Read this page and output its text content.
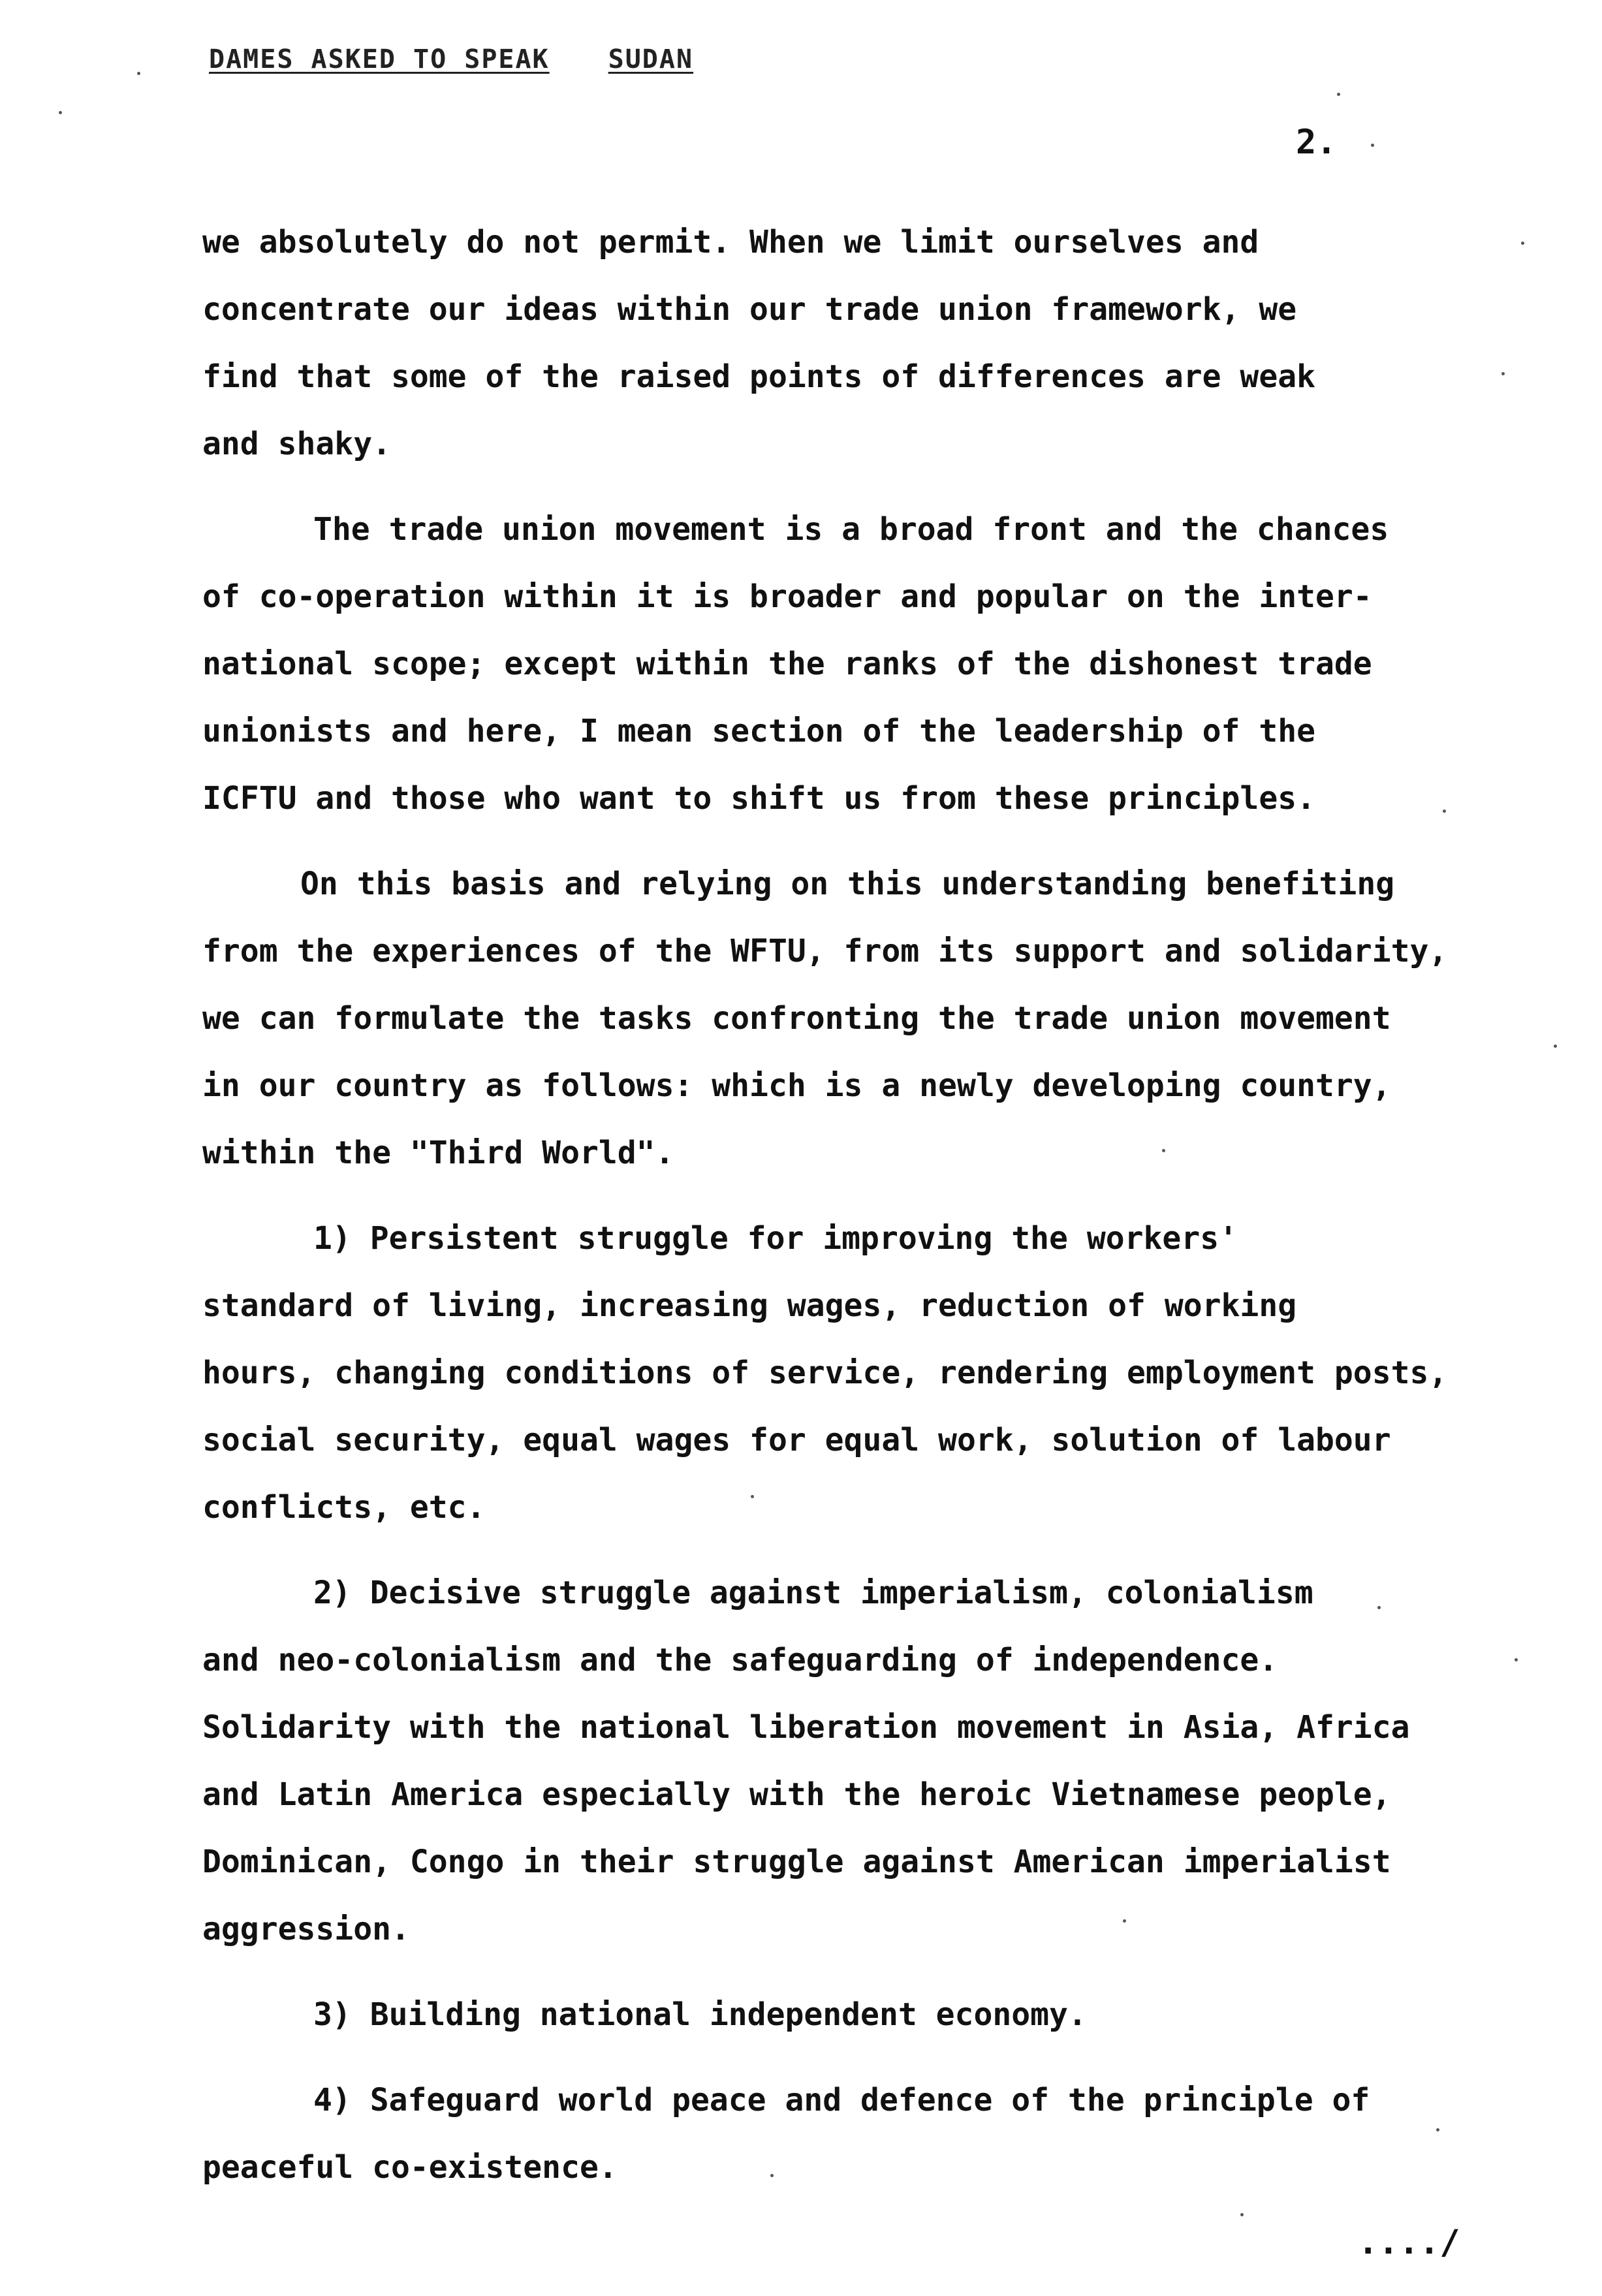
DAMES ASKED TO SPEAK SUDAN
2.
we absolutely do not permit. When we limit ourselves and
concentrate our ideas within our trade union framework, we
find that some of the raised points of differences are weak
and shaky.
The trade union movement is a broad front and the chances
of co-operation within it is broader and popular on the inter-
national scope; except within the ranks of the dishonest trade
unionists and here, I mean section of the leadership of the
ICFTU and those who want to shift us from these principles.
On this basis and relying on this understanding benefiting
from the experiences of the WFTU, from its support and solidarity,
we can formulate the tasks confronting the trade union movement
in our country as follows: which is a newly developing country,
within the "Third World".
1) Persistent struggle for improving the workers'
standard of living, increasing wages, reduction of working
hours, changing conditions of service, rendering employment posts,
social security, equal wages for equal work, solution of labour
conflicts, etc.
2) Decisive struggle against imperialism, colonialism
and neo-colonialism and the safeguarding of independence.
Solidarity with the national liberation movement in Asia, Africa
and Latin America especially with the heroic Vietnamese people,
Dominican, Congo in their struggle against American imperialist
aggression.
3) Building national independent economy.
4) Safeguard world peace and defence of the principle of
peaceful co-existence.
..../
